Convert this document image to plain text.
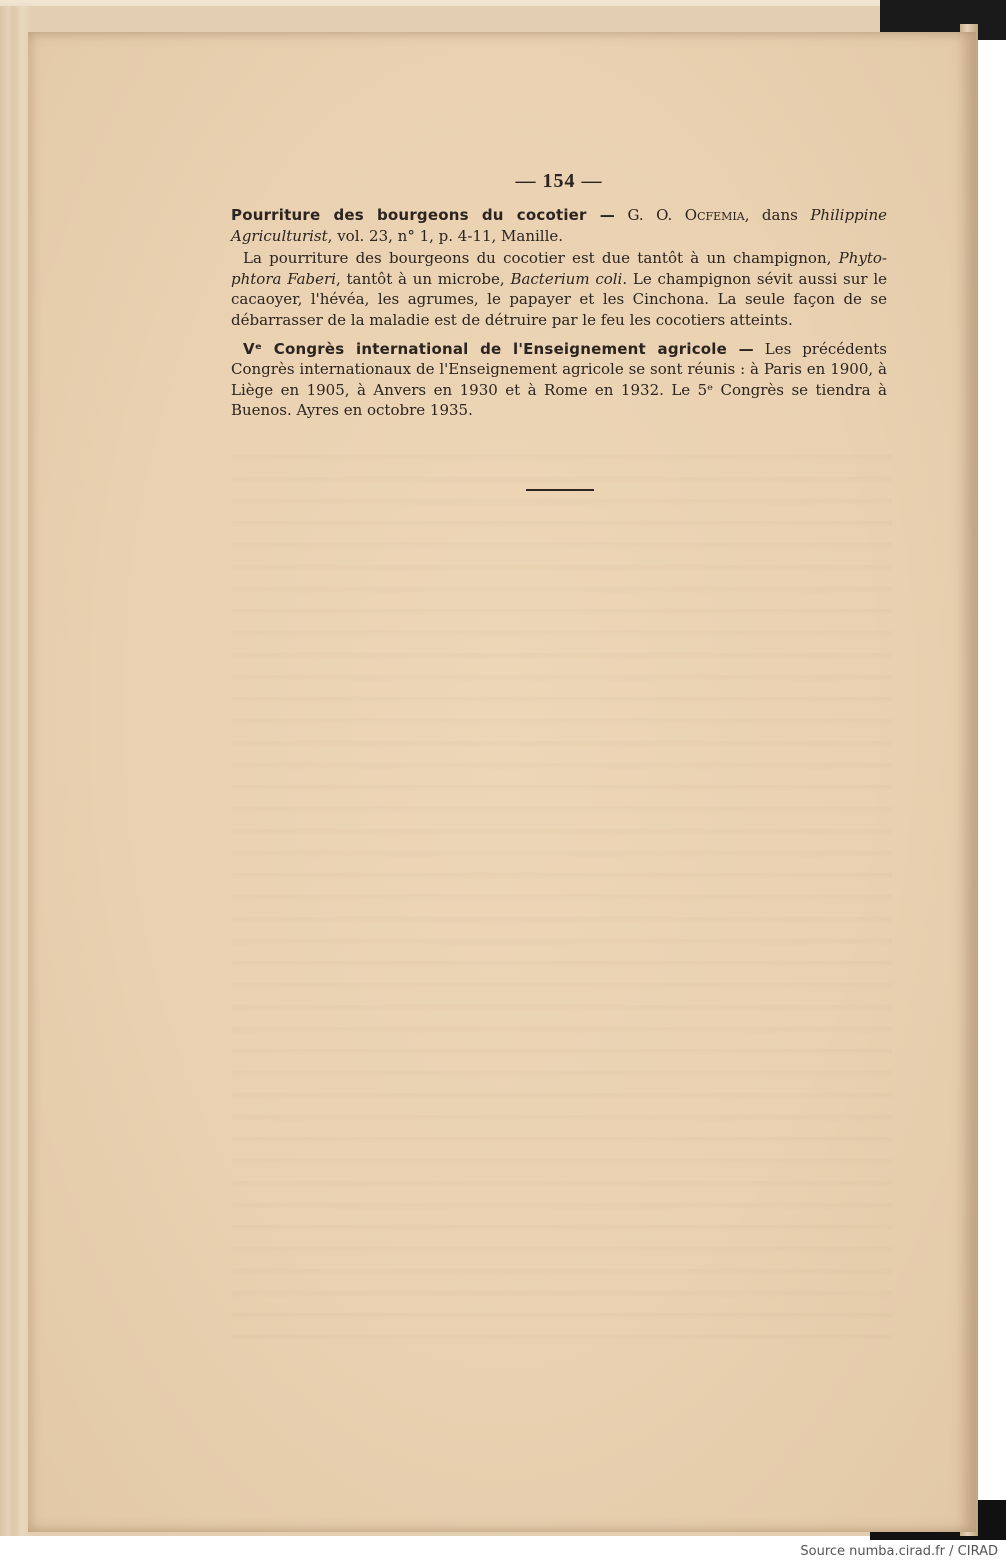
— 154 —

Pourriture des bourgeons du cocotier — G. O. Ocfemia, dans Philippine Agriculturist, vol. 23, n° 1, p. 4-11, Manille.

La pourriture des bourgeons du cocotier est due tantôt à un champignon, Phyto-phtora Faberi, tantôt à un microbe, Bacterium coli. Le champignon sévit aussi sur le cacaoyer, l'hévéa, les agrumes, le papayer et les Cinchona. La seule façon de se débarrasser de la maladie est de détruire par le feu les cocotiers atteints.

Vᵉ Congrès international de l'Enseignement agricole — Les précédents Congrès internationaux de l'Enseignement agricole se sont réunis : à Paris en 1900, à Liège en 1905, à Anvers en 1930 et à Rome en 1932. Le 5ᵉ Congrès se tiendra à Buenos. Ayres en octobre 1935.

Source numba.cirad.fr / CIRAD
